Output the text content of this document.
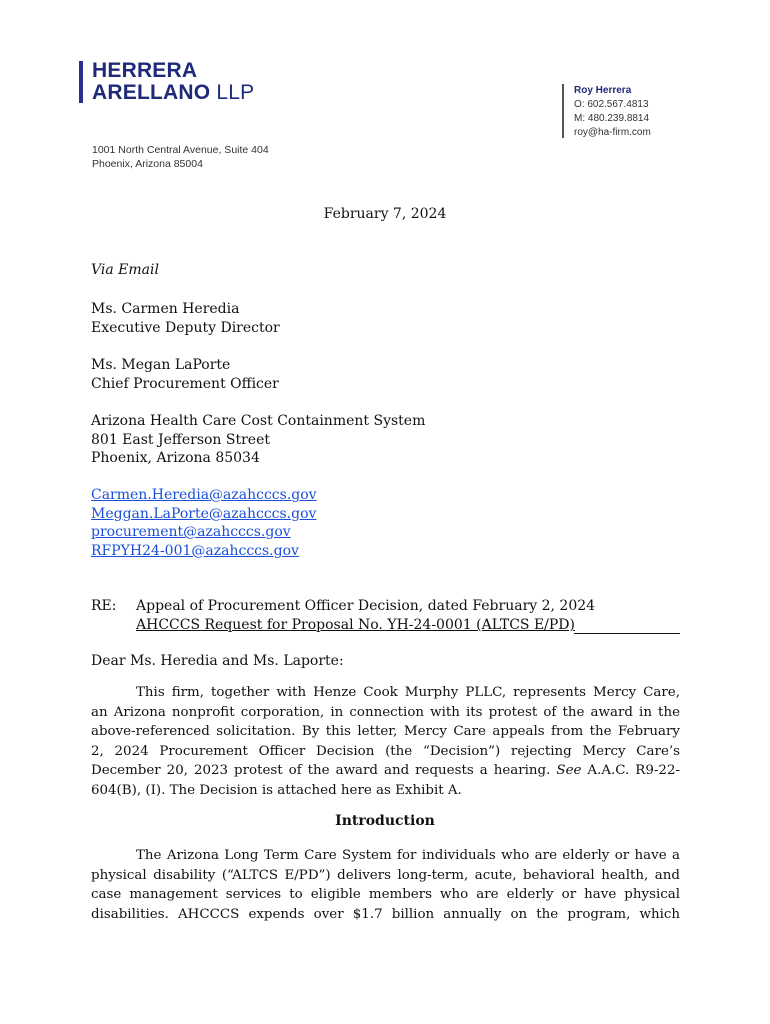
HERRERA
ARELLANO LLP
1001 North Central Avenue, Suite 404
Phoenix, Arizona 85004
Roy Herrera
O: 602.567.4813
M: 480.239.8814
roy@ha-firm.com
February 7, 2024
Via Email
Ms. Carmen Heredia
Executive Deputy Director
Ms. Megan LaPorte
Chief Procurement Officer
Arizona Health Care Cost Containment System
801 East Jefferson Street
Phoenix, Arizona 85034
Carmen.Heredia@azahcccs.gov
Meggan.LaPorte@azahcccs.gov
procurement@azahcccs.gov
RFPYH24-001@azahcccs.gov
RE: Appeal of Procurement Officer Decision, dated February 2, 2024
AHCCCS Request for Proposal No. YH-24-0001 (ALTCS E/PD)
Dear Ms. Heredia and Ms. Laporte:
This firm, together with Henze Cook Murphy PLLC, represents Mercy Care,
an Arizona nonprofit corporation, in connection with its protest of the award in the
above-referenced solicitation. By this letter, Mercy Care appeals from the February
2, 2024 Procurement Officer Decision (the “Decision”) rejecting Mercy Care’s
December 20, 2023 protest of the award and requests a hearing. See A.A.C. R9-22-
604(B), (I). The Decision is attached here as Exhibit A.
Introduction
The Arizona Long Term Care System for individuals who are elderly or have a
physical disability (“ALTCS E/PD”) delivers long-term, acute, behavioral health, and
case management services to eligible members who are elderly or have physical
disabilities. AHCCCS expends over $1.7 billion annually on the program, which
